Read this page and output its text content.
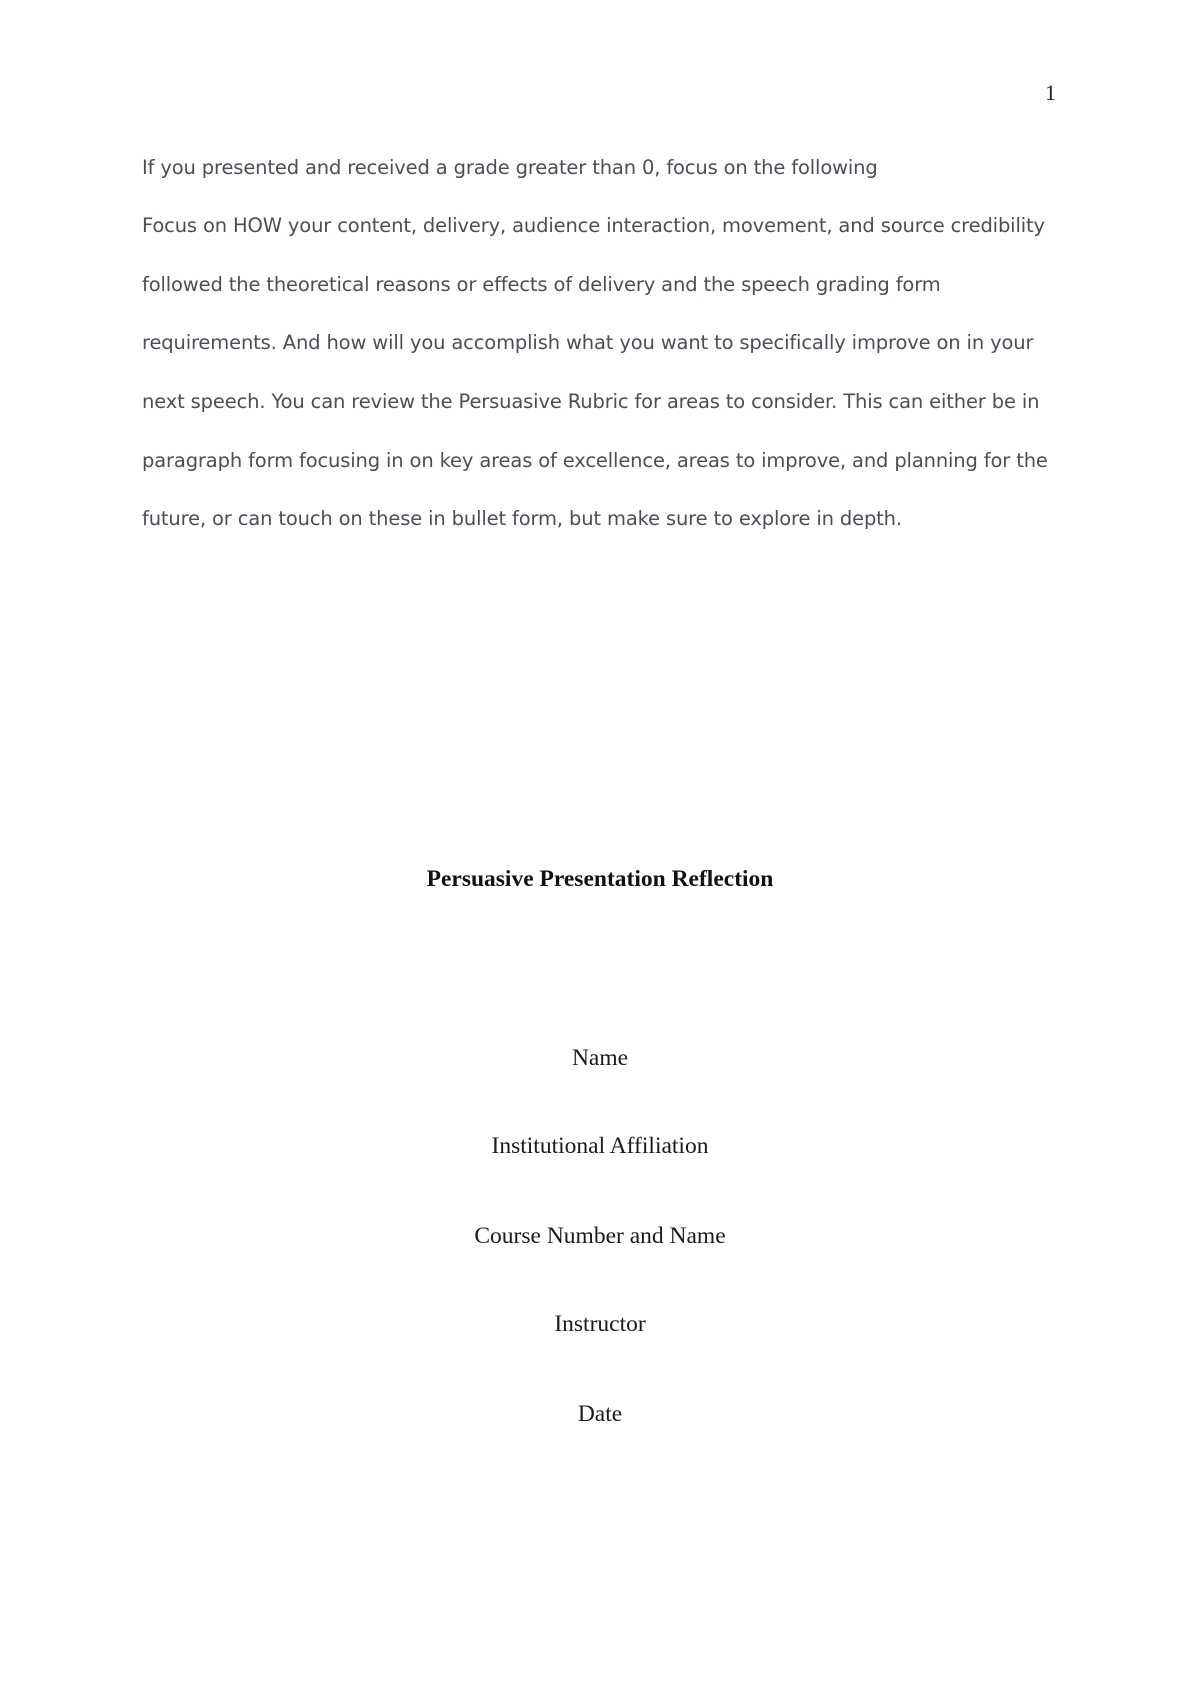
1
If you presented and received a grade greater than 0, focus on the following
Focus on HOW your content, delivery, audience interaction, movement, and source credibility
followed the theoretical reasons or effects of delivery and the speech grading form
requirements. And how will you accomplish what you want to specifically improve on in your
next speech. You can review the Persuasive Rubric for areas to consider. This can either be in
paragraph form focusing in on key areas of excellence, areas to improve, and planning for the
future, or can touch on these in bullet form, but make sure to explore in depth.
Persuasive Presentation Reflection
Name
Institutional Affiliation
Course Number and Name
Instructor
Date
